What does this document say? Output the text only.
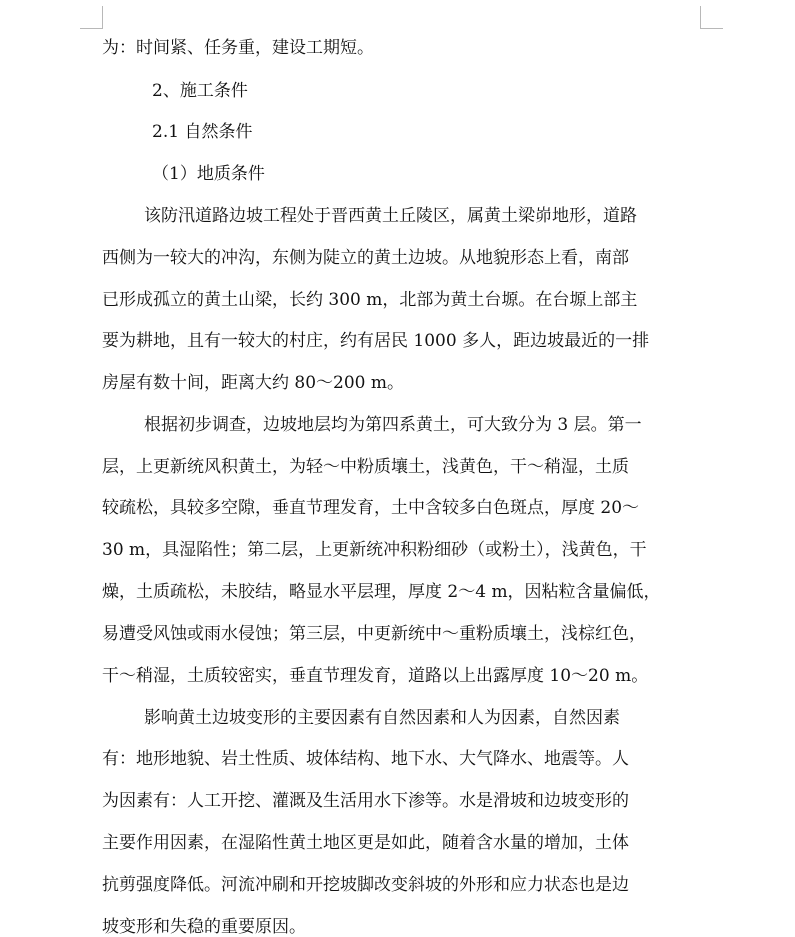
为：时间紧、任务重，建设工期短。
2、施工条件
2.1 自然条件
（1）地质条件
该防汛道路边坡工程处于晋西黄土丘陵区，属黄土梁峁地形，道路
西侧为一较大的冲沟，东侧为陡立的黄土边坡。从地貌形态上看，南部
已形成孤立的黄土山梁，长约 300 m，北部为黄土台塬。在台塬上部主
要为耕地，且有一较大的村庄，约有居民 1000 多人，距边坡最近的一排
房屋有数十间，距离大约 80～200 m。
根据初步调查，边坡地层均为第四系黄土，可大致分为 3 层。第一
层，上更新统风积黄土，为轻～中粉质壤土，浅黄色，干～稍湿，土质
较疏松，具较多空隙，垂直节理发育，土中含较多白色斑点，厚度 20～
30 m，具湿陷性；第二层，上更新统冲积粉细砂（或粉土），浅黄色，干
燥，土质疏松，未胶结，略显水平层理，厚度 2～4 m，因粘粒含量偏低，
易遭受风蚀或雨水侵蚀；第三层，中更新统中～重粉质壤土，浅棕红色，
干～稍湿，土质较密实，垂直节理发育，道路以上出露厚度 10～20 m。
影响黄土边坡变形的主要因素有自然因素和人为因素，自然因素
有：地形地貌、岩土性质、坡体结构、地下水、大气降水、地震等。人
为因素有：人工开挖、灌溉及生活用水下渗等。水是滑坡和边坡变形的
主要作用因素，在湿陷性黄土地区更是如此，随着含水量的增加，土体
抗剪强度降低。河流冲刷和开挖坡脚改变斜坡的外形和应力状态也是边
坡变形和失稳的重要原因。
